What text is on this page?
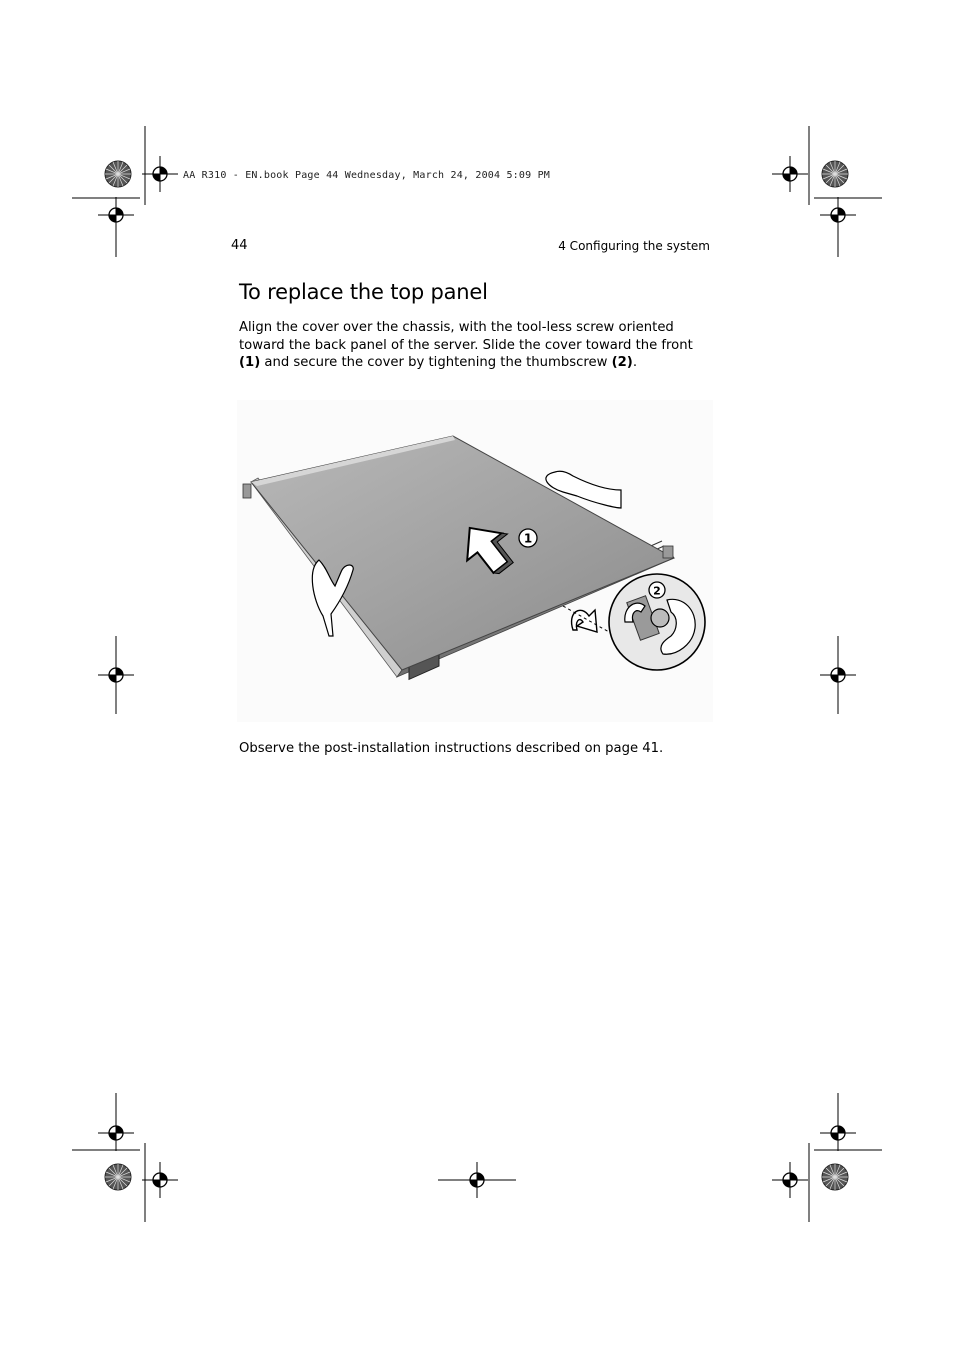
AA R310 - EN.book Page 44 Wednesday, March 24, 2004 5:09 PM
44	4 Configuring the system
To replace the top panel

Align the cover over the chassis, with the tool-less screw oriented toward the back panel of the server. Slide the cover toward the front (1) and secure the cover by tightening the thumbscrew (2).

1
2

Observe the post-installation instructions described on page 41.
